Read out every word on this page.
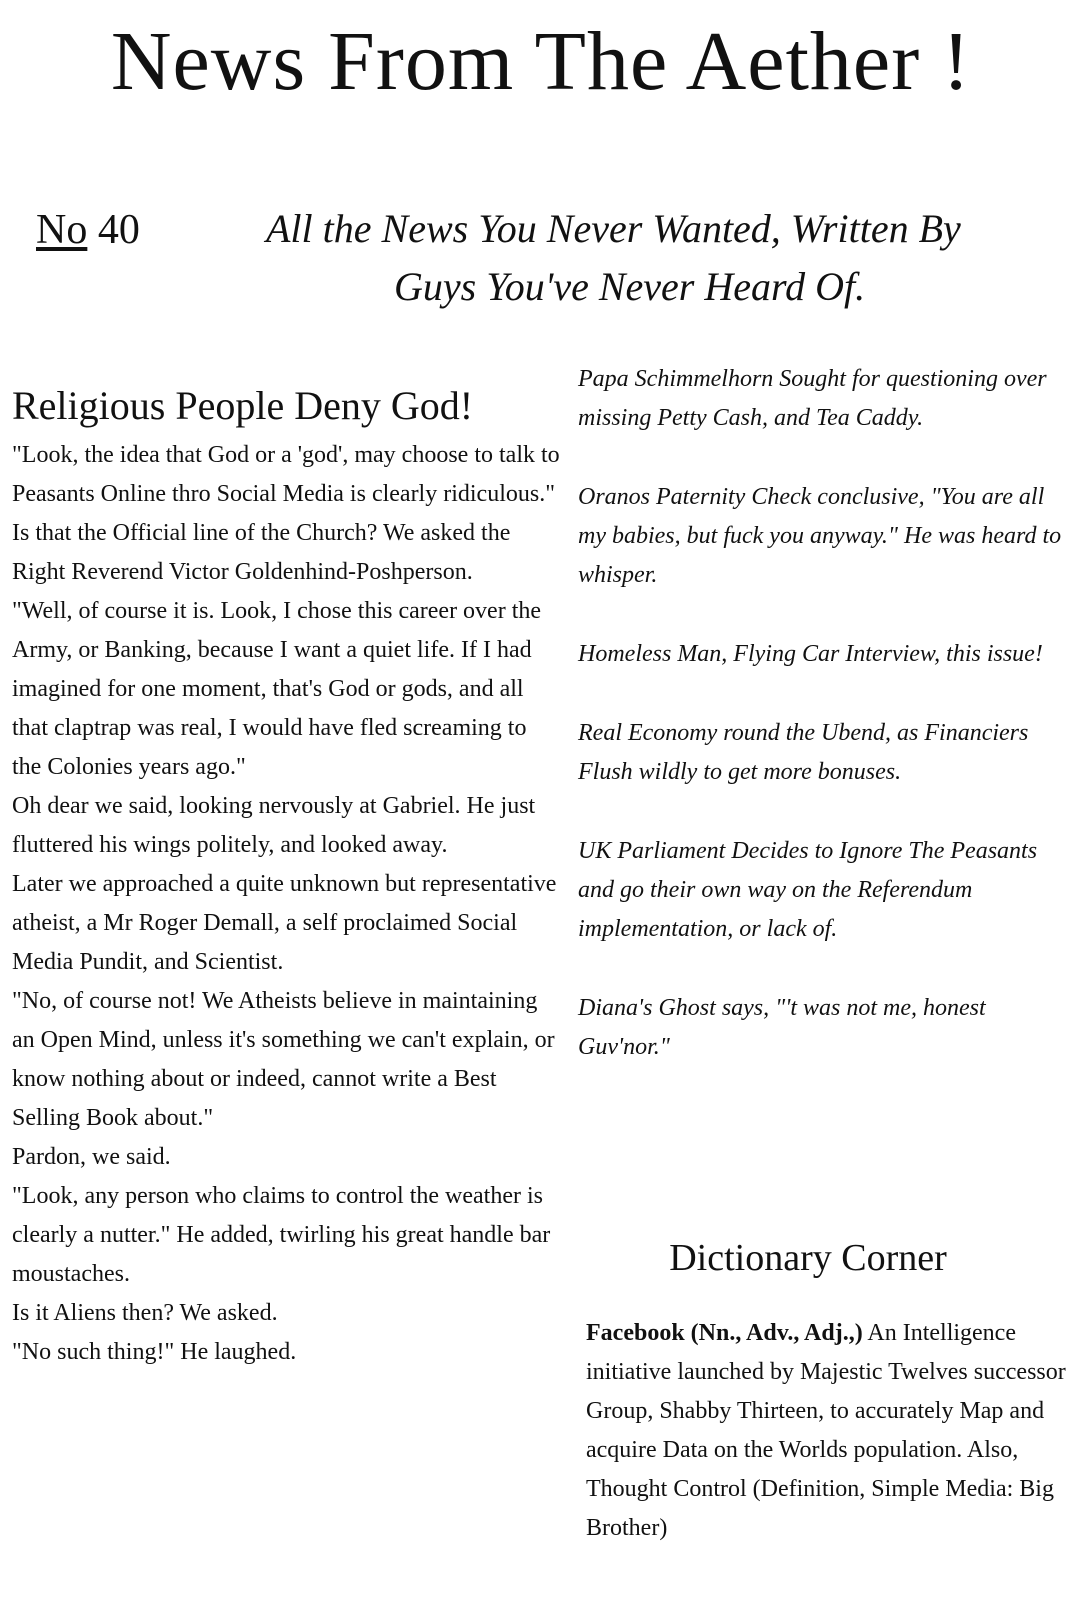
News From The Aether !
No 40	All the News You Never Wanted, Written By
Guys You've Never Heard Of.
Religious People Deny God!

"Look, the idea that God or a 'god', may choose to talk to Peasants Online thro Social Media is clearly ridiculous."

Is that the Official line of the Church? We asked the Right Reverend Victor Goldenhind-Poshperson.

"Well, of course it is. Look, I chose this career over the Army, or Banking, because I want a quiet life. If I had imagined for one moment, that's God or gods, and all that claptrap was real, I would have fled screaming to the Colonies years ago."

Oh dear we said, looking nervously at Gabriel. He just fluttered his wings politely, and looked away.

Later we approached a quite unknown but representative atheist, a Mr Roger Demall, a self proclaimed Social Media Pundit, and Scientist.

"No, of course not! We Atheists believe in maintaining an Open Mind, unless it's something we can't explain, or know nothing about or indeed, cannot write a Best Selling Book about."

Pardon, we said.

"Look, any person who claims to control the weather is clearly a nutter." He added, twirling his great handle bar moustaches.

Is it Aliens then? We asked.

"No such thing!" He laughed.

Papa Schimmelhorn Sought for questioning over missing Petty Cash, and Tea Caddy.

Oranos Paternity Check conclusive, "You are all my babies, but fuck you anyway." He was heard to whisper.

Homeless Man, Flying Car Interview, this issue!

Real Economy round the Ubend, as Financiers Flush wildly to get more bonuses.

UK Parliament Decides to Ignore The Peasants and go their own way on the Referendum implementation, or lack of.

Diana's Ghost says, "'t was not me, honest Guv'nor."

Dictionary Corner
Facebook (Nn., Adv., Adj.,) An Intelligence initiative launched by Majestic Twelves successor Group, Shabby Thirteen, to accurately Map and acquire Data on the Worlds population. Also, Thought Control (Definition, Simple Media: Big Brother)
